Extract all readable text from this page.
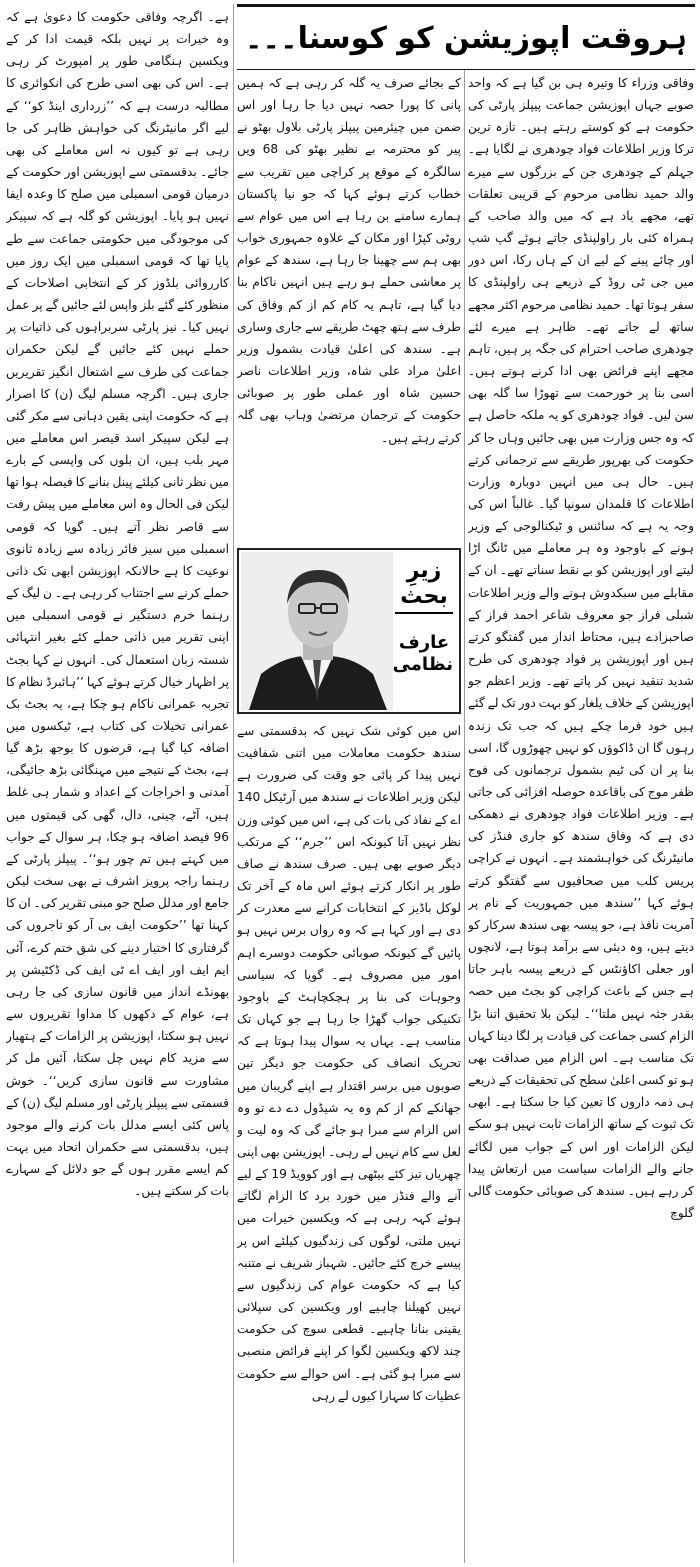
ہروقت اپوزیشن کو کوسنا۔۔۔

وفاقی وزراء کا وتیرہ ہی بن گیا ہے کہ واحد صوبے جہاں اپوزیشن جماعت پیپلز پارٹی کی حکومت ہے کو کوستے رہتے ہیں۔ تازہ ترین ترکا وزیر اطلاعات فواد چودھری نے لگایا ہے۔ جہلم کے چودھری جن کے بزرگوں سے میرے والد حمید نظامی مرحوم کے قریبی تعلقات تھے، مجھے یاد ہے کہ میں والد صاحب کے ہمراہ کئی بار راولپنڈی جاتے ہوئے گپ شپ اور چائے پینے کے لیے ان کے ہاں رکا، اس دور میں جی ٹی روڈ کے ذریعے ہی راولپنڈی کا سفر ہوتا تھا۔ حمید نظامی مرحوم اکثر مجھے ساتھ لے جاتے تھے۔ ظاہر ہے میرے لئے چودھری صاحب احترام کی جگہ پر ہیں، تاہم مجھے اپنے فرائض بھی ادا کرنے ہوتے ہیں۔ اسی بنا پر خورحمت سے تھوڑا سا گلہ بھی سن لیں۔ فواد چودھری کو یہ ملکہ حاصل ہے کہ وہ جس وزارت میں بھی جائیں وہاں جا کر حکومت کی بھرپور طریقے سے ترجمانی کرتے ہیں۔ حال ہی میں انہیں دوبارہ وزارت اطلاعات کا قلمدان سونپا گیا۔ غالباً اس کی وجہ یہ ہے کہ سائنس و ٹیکنالوجی کے وزیر ہونے کے باوجود وہ ہر معاملے میں ٹانگ اڑا لیتے اور اپوزیشن کو بے نقط سناتے تھے۔ ان کے مقابلے میں سبکدوش ہونے والے وزیر اطلاعات شبلی فراز جو معروف شاعر احمد فراز کے صاحبزادے ہیں، محتاط انداز میں گفتگو کرتے ہیں اور اپوزیشن پر فواد چودھری کی طرح شدید تنقید نہیں کر پاتے تھے۔ وزیر اعظم جو اپوزیشن کے خلاف یلغار کو بہت دور تک لے گئے ہیں خود فرما چکے ہیں کہ جب تک زندہ رہوں گا ان ڈاکوؤں کو نہیں چھوڑوں گا، اسی بنا پر ان کی ٹیم بشمول ترجمانوں کی فوج ظفر موج کی باقاعدہ حوصلہ افزائی کی جاتی ہے۔ وزیر اطلاعات فواد چودھری نے دھمکی دی ہے کہ وفاق سندھ کو جاری فنڈز کی مانیٹرنگ کی خواہشمند ہے۔ انہوں نے کراچی پریس کلب میں صحافیوں سے گفتگو کرتے ہوئے کہا ’’سندھ میں جمہوریت کے نام پر آمریت نافذ ہے، جو پیسہ بھی سندھ سرکار کو دیتے ہیں، وہ دبئی سے برآمد ہوتا ہے، لانچوں اور جعلی اکاؤنٹس کے ذریعے پیسہ باہر جاتا ہے جس کے باعث کراچی کو بجٹ میں حصہ بقدر جثہ نہیں ملتا‘‘۔ لیکن بلا تحقیق اتنا بڑا الزام کسی جماعت کی قیادت پر لگا دینا کہاں تک مناسب ہے۔ اس الزام میں صداقت بھی ہو تو کسی اعلیٰ سطح کی تحقیقات کے ذریعے ہی ذمہ داروں کا تعین کیا جا سکتا ہے۔ ابھی تک ثبوت کے ساتھ الزامات ثابت نہیں ہو سکے لیکن الزامات اور اس کے جواب میں لگائے جانے والے الزامات سیاست میں ارتعاش پیدا کر رہے ہیں۔ سندھ کی صوبائی حکومت گالی گلوچ

کے بجائے صرف یہ گلہ کر رہی ہے کہ ہمیں پانی کا پورا حصہ نہیں دیا جا رہا اور اس ضمن میں چیئرمین پیپلز پارٹی بلاول بھٹو نے پیر کو محترمہ بے نظیر بھٹو کی 68 ویں سالگرہ کے موقع پر کراچی میں تقریب سے خطاب کرتے ہوئے کہا کہ جو نیا پاکستان ہمارے سامنے بن رہا ہے اس میں عوام سے روٹی کپڑا اور مکان کے علاوہ جمہوری خواب بھی ہم سے چھینا جا رہا ہے، سندھ کے عوام پر معاشی حملے ہو رہے ہیں انہیں ناکام بنا دیا گیا ہے، تاہم یہ کام کم از کم وفاق کی طرف سے ہتھ چھٹ طریقے سے جاری وساری ہے۔ سندھ کی اعلیٰ قیادت بشمول وزیر اعلیٰ مراد علی شاہ، وزیر اطلاعات ناصر حسین شاہ اور عملی طور پر صوبائی حکومت کے ترجمان مرتضیٰ وہاب بھی گلہ کرتے رہتے ہیں۔

زیرِ بحث
عارف نظامی

اس میں کوئی شک نہیں کہ بدقسمتی سے سندھ حکومت معاملات میں اتنی شفافیت نہیں پیدا کر پائی جو وقت کی ضرورت ہے لیکن وزیر اطلاعات نے سندھ میں آرٹیکل 140 اے کے نفاذ کی بات کی ہے، اس میں کوئی وزن نظر نہیں آتا کیونکہ اس ’’جرم‘‘ کے مرتکب دیگر صوبے بھی ہیں۔ صرف سندھ نے صاف طور پر انکار کرتے ہوئے اس ماہ کے آخر تک لوکل باڈیز کے انتخابات کرانے سے معذرت کر دی ہے اور کہا ہے کہ وہ رواں برس نہیں ہو پائیں گے کیونکہ صوبائی حکومت دوسرے اہم امور میں مصروف ہے۔ گویا کہ سیاسی وجوہات کی بنا پر ہچکچاہٹ کے باوجود تکنیکی جواب گھڑا جا رہا ہے جو کہاں تک مناسب ہے۔ یہاں یہ سوال پیدا ہوتا ہے کہ تحریک انصاف کی حکومت جو دیگر تین صوبوں میں برسر اقتدار ہے اپنے گریبان میں جھانکے کم از کم وہ یہ شیڈول دے دے تو وہ اس الزام سے مبرا ہو جائے گی کہ وہ لیت و لعل سے کام نہیں لے رہی۔ اپوزیشن بھی اپنی چھریاں تیز کئے بیٹھی ہے اور کوویڈ 19 کے لیے آنے والے فنڈز میں خورد برد کا الزام لگاتے ہوئے کہہ رہی ہے کہ ویکسین خیرات میں نہیں ملتی، لوگوں کی زندگیوں کیلئے اس پر پیسے خرچ کئے جائیں۔ شہباز شریف نے متنبہ کیا ہے کہ حکومت عوام کی زندگیوں سے نہیں کھیلنا چاہیے اور ویکسین کی سپلائی یقینی بنانا چاہیے۔ قطعی سوچ کی حکومت چند لاکھ ویکسین لگوا کر اپنے فرائض منصبی سے مبرا ہو گئی ہے۔ اس حوالے سے حکومت عطیات کا سہارا کیوں لے رہی

ہے۔ اگرچہ وفاقی حکومت کا دعویٰ ہے کہ وہ خیرات پر نہیں بلکہ قیمت ادا کر کے ویکسین ہنگامی طور پر امپورٹ کر رہی ہے۔ اس کی بھی اسی طرح کی انکوائری کا مطالبہ درست ہے کہ ’’زرداری اینڈ کو‘‘ کے لیے اگر مانیٹرنگ کی خواہش ظاہر کی جا رہی ہے تو کیوں نہ اس معاملے کی بھی جائے۔ بدقسمتی سے اپوزیشن اور حکومت کے درمیان قومی اسمبلی میں صلح کا وعدہ ایفا نہیں ہو پایا۔ اپوزیشن کو گلہ ہے کہ سپیکر کی موجودگی میں حکومتی جماعت سے طے پایا تھا کہ قومی اسمبلی میں ایک روز میں کارروائی بلڈوز کر کے انتخابی اصلاحات کے منظور کئے گئے بلز واپس لئے جائیں گے پر عمل نہیں کیا۔ نیز پارٹی سربراہوں کی ذاتیات پر حملے نہیں کئے جائیں گے لیکن حکمران جماعت کی طرف سے اشتعال انگیز تقریریں جاری ہیں۔ اگرچہ مسلم لیگ (ن) کا اصرار ہے کہ حکومت اپنی یقین دہانی سے مکر گئی ہے لیکن سپیکر اسد قیصر اس معاملے میں مہر بلب ہیں، ان بلوں کی واپسی کے بارے میں نظر ثانی کیلئے پینل بنانے کا فیصلہ ہوا تھا لیکن فی الحال وہ اس معاملے میں پیش رفت سے قاصر نظر آتے ہیں۔ گویا کہ قومی اسمبلی میں سیز فائر زیادہ سے زیادہ ثانوی نوعیت کا ہے حالانکہ اپوزیشن ابھی تک ذاتی حملے کرنے سے اجتناب کر رہی ہے۔ ن لیگ کے رہنما خرم دستگیر نے قومی اسمبلی میں اپنی تقریر میں ذاتی حملے کئے بغیر انتہائی شستہ زبان استعمال کی۔ انہوں نے کہا بجٹ پر اظہار خیال کرتے ہوئے کہا ’’ہائبرڈ نظام کا تجربہ عمرانی ناکام ہو چکا ہے، یہ بجٹ بک عمرانی تخیلات کی کتاب ہے، ٹیکسوں میں اضافہ کیا گیا ہے، قرضوں کا بوجھ بڑھ گیا ہے، بجٹ کے نتیجے میں مہنگائی بڑھ جائیگی، آمدنی و اخراجات کے اعداد و شمار ہی غلط ہیں، آٹے، چینی، دال، گھی کی قیمتوں میں 96 فیصد اضافہ ہو چکا، ہر سوال کے جواب میں کہتے ہیں تم چور ہو‘‘۔ پیپلز پارٹی کے رہنما راجہ پرویز اشرف نے بھی سخت لیکن جامع اور مدلل صلح جو مبنی تقریر کی۔ ان کا کہنا تھا ’’حکومت ایف بی آر کو تاجروں کی گرفتاری کا اختیار دینے کی شق ختم کرے، آئی ایم ایف اور ایف اے ٹی ایف کی ڈکٹیشن پر بھونڈے انداز میں قانون سازی کی جا رہی ہے، عوام کے دکھوں کا مداوا تقریروں سے نہیں ہو سکتا، اپوزیشن پر الزامات کے ہتھیار سے مزید کام نہیں چل سکتا، آئیں مل کر مشاورت سے قانون سازی کریں‘‘۔ خوش قسمتی سے پیپلز پارٹی اور مسلم لیگ (ن) کے پاس کئی ایسے مدلل بات کرنے والے موجود ہیں، بدقسمتی سے حکمران اتحاد میں بہت کم ایسے مقرر ہوں گے جو دلائل کے سہارے بات کر سکتے ہیں۔
